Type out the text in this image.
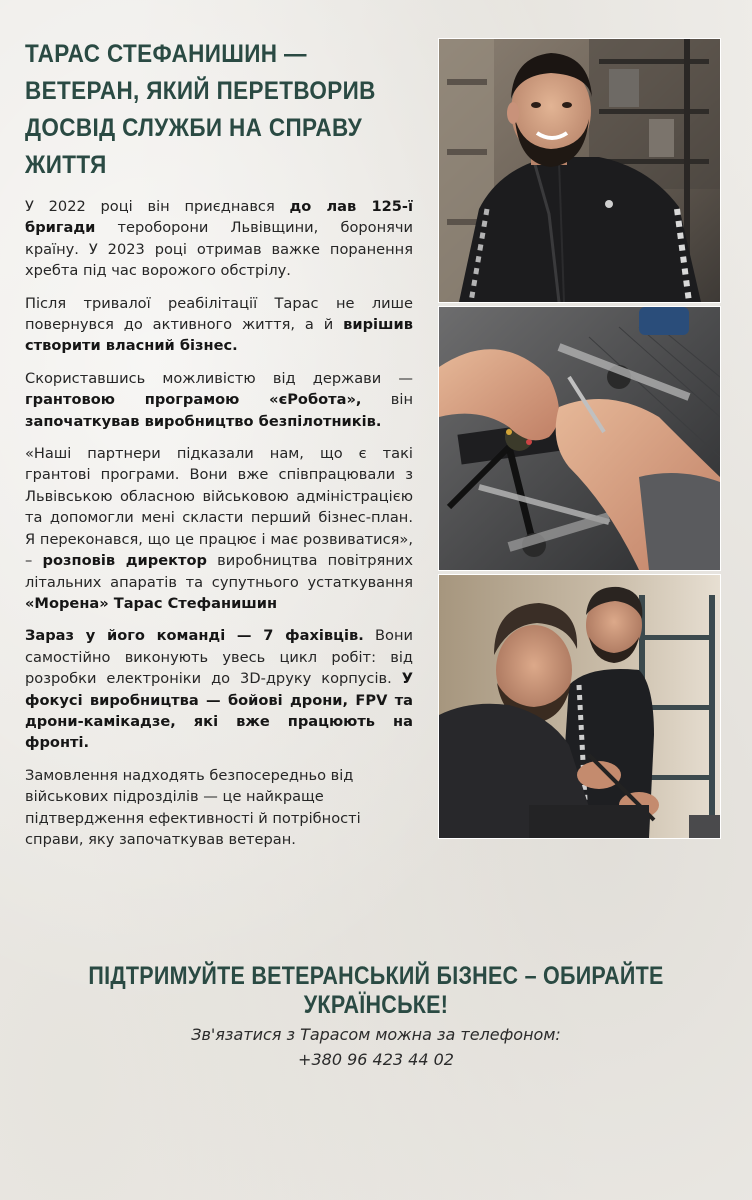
ТАРАС СТЕФАНИШИН — ВЕТЕРАН, ЯКИЙ ПЕРЕТВОРИВ ДОСВІД СЛУЖБИ НА СПРАВУ ЖИТТЯ

У 2022 році він приєднався до лав 125-ї бригади тероборони Львівщини, боронячи країну. У 2023 році отримав важке поранення хребта під час ворожого обстрілу.

Після тривалої реабілітації Тарас не лише повернувся до активного життя, а й вирішив створити власний бізнес.

Скориставшись можливістю від держави — грантовою програмою «єРобота», він започаткував виробництво безпілотників.

«Наші партнери підказали нам, що є такі грантові програми. Вони вже співпрацювали з Львівською обласною військовою адміністрацією та допомогли мені скласти перший бізнес-план. Я переконався, що це працює і має розвиватися», – розповів директор виробництва повітряних літальних апаратів та супутнього устаткування «Морена» Тарас Стефанишин

Зараз у його команді — 7 фахівців. Вони самостійно виконують увесь цикл робіт: від розробки електроніки до 3D-друку корпусів. У фокусі виробництва — бойові дрони, FPV та дрони-камікадзе, які вже працюють на фронті.

Замовлення надходять безпосередньо від військових підрозділів — це найкраще підтвердження ефективності й потрібності справи, яку започаткував ветеран.

ПІДТРИМУЙТЕ ВЕТЕРАНСЬКИЙ БІЗНЕС – ОБИРАЙТЕ УКРАЇНСЬКЕ!
Зв'язатися з Тарасом можна за телефоном:
+380 96 423 44 02
